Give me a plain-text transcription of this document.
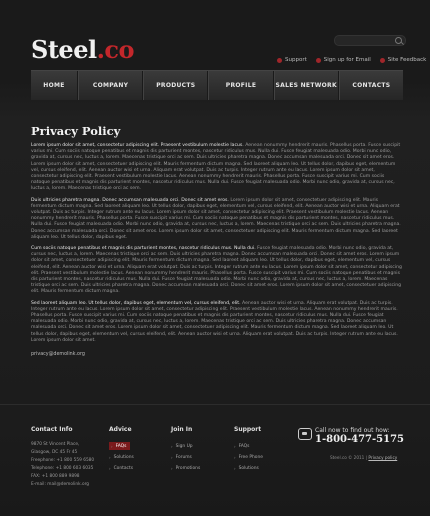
Steel.co	Support	Sign up for Email	Site Feedback
HOME	COMPANY	PRODUCTS	PROFILE	SALES NETWORK	CONTACTS
Privacy Policy
Lorem ipsum dolor sit amet, consectetur adipiscing elit. Praesent vestibulum molestie lacus. Aenean nonummy hendrerit mauris. Phasellus porta. Fusce suscipit varius mi. Cum sociis natoque penatibus et magnis dis parturient montes, nascetur ridiculus mus. Nulla dui. Fusce feugiat malesuada odio. Morbi nunc odio, gravida at, cursus nec, luctus a, lorem. Maecenas tristique orci ac sem. Duis ultricies pharetra magna. Donec accumsan malesuada orci. Donec sit amet eros. Lorem ipsum dolor sit amet, consectetuer adipiscing elit. Mauris fermentum dictum magna. Sed laoreet aliquam leo. Ut tellus dolor, dapibus eget, elementum vel, cursus eleifend, elit. Aenean auctor wisi et urna. Aliquam erat volutpat. Duis ac turpis. Integer rutrum ante eu lacus. Lorem ipsum dolor sit amet, consectetur adipiscing elit. Praesent vestibulum molestie lacus. Aenean nonummy hendrerit mauris. Phasellus porta. Fusce suscipit varius mi. Cum sociis natoque penatibus et magnis dis parturient montes, nascetur ridiculus mus. Nulla dui. Fusce feugiat malesuada odio. Morbi nunc odio, gravida at, cursus nec, luctus a, lorem. Maecenas tristique orci ac sem.
Duis ultricies pharetra magna. Donec accumsan malesuada orci. Donec sit amet eros. Lorem ipsum dolor sit amet, consectetuer adipiscing elit. Mauris fermentum dictum magna. Sed laoreet aliquam leo. Ut tellus dolor, dapibus eget, elementum vel, cursus eleifend, elit. Aenean auctor wisi et urna. Aliquam erat volutpat. Duis ac turpis. Integer rutrum ante eu lacus. Lorem ipsum dolor sit amet, consectetur adipiscing elit. Praesent vestibulum molestie lacus. Aenean nonummy hendrerit mauris. Phasellus porta. Fusce suscipit varius mi. Cum sociis natoque penatibus et magnis dis parturient montes, nascetur ridiculus mus. Nulla dui. Fusce feugiat malesuada odio. Morbi nunc odio, gravida at, cursus nec, luctus a, lorem. Maecenas tristique orci ac sem. Duis ultricies pharetra magna. Donec accumsan malesuada orci. Donec sit amet eros. Lorem ipsum dolor sit amet, consectetuer adipiscing elit. Mauris fermentum dictum magna. Sed laoreet aliquam leo. Ut tellus dolor, dapibus eget.
Cum sociis natoque penatibus et magnis dis parturient montes, nascetur ridiculus mus. Nulla dui. Fusce feugiat malesuada odio. Morbi nunc odio, gravida at, cursus nec, luctus a, lorem. Maecenas tristique orci ac sem. Duis ultricies pharetra magna. Donec accumsan malesuada orci. Donec sit amet eros. Lorem ipsum dolor sit amet, consectetuer adipiscing elit. Mauris fermentum dictum magna. Sed laoreet aliquam leo. Ut tellus dolor, dapibus eget, elementum vel, cursus eleifend, elit. Aenean auctor wisi et urna. Aliquam erat volutpat. Duis ac turpis. Integer rutrum ante eu lacus. Lorem ipsum dolor sit amet, consectetur adipiscing elit. Praesent vestibulum molestie lacus. Aenean nonummy hendrerit mauris. Phasellus porta. Fusce suscipit varius mi. Cum sociis natoque penatibus et magnis dis parturient montes, nascetur ridiculus mus. Nulla dui. Fusce feugiat malesuada odio. Morbi nunc odio, gravida at, cursus nec, luctus a, lorem. Maecenas tristique orci ac sem. Duis ultricies pharetra magna. Donec accumsan malesuada orci. Donec sit amet eros. Lorem ipsum dolor sit amet, consectetuer adipiscing elit. Mauris fermentum dictum magna.
Sed laoreet aliquam leo. Ut tellus dolor, dapibus eget, elementum vel, cursus eleifend, elit. Aenean auctor wisi et urna. Aliquam erat volutpat. Duis ac turpis. Integer rutrum ante eu lacus. Lorem ipsum dolor sit amet, consectetur adipiscing elit. Praesent vestibulum molestie lacus. Aenean nonummy hendrerit mauris. Phasellus porta. Fusce suscipit varius mi. Cum sociis natoque penatibus et magnis dis parturient montes, nascetur ridiculus mus. Nulla dui. Fusce feugiat malesuada odio. Morbi nunc odio, gravida at, cursus nec, luctus a, lorem. Maecenas tristique orci ac sem. Duis ultricies pharetra magna. Donec accumsan malesuada orci. Donec sit amet eros. Lorem ipsum dolor sit amet, consectetuer adipiscing elit. Mauris fermentum dictum magna. Sed laoreet aliquam leo. Ut tellus dolor, dapibus eget, elementum vel, cursus eleifend, elit. Aenean auctor wisi et urna. Aliquam erat volutpat. Duis ac turpis. Integer rutrum ante eu lacus. Lorem ipsum dolor sit amet.
privacy@demolink.org
Contact Info
9870 St Vincent Place,
Glasgow, DC 45 Fr 45
Freephone: +1 800 559 6580
Telephone: +1 800 603 6035
FAX: +1 800 889 9898
E-mail: mail@demolink.org
Advice
› FAQs
› Solutions
› Contacts
Join In
› Sign Up
› Forums
› Promotions
Support
› FAQs
› Free Phone
› Solutions
Call now to find out how:
1-800-477-5175
Steel.co © 2011 | Privacy policy
